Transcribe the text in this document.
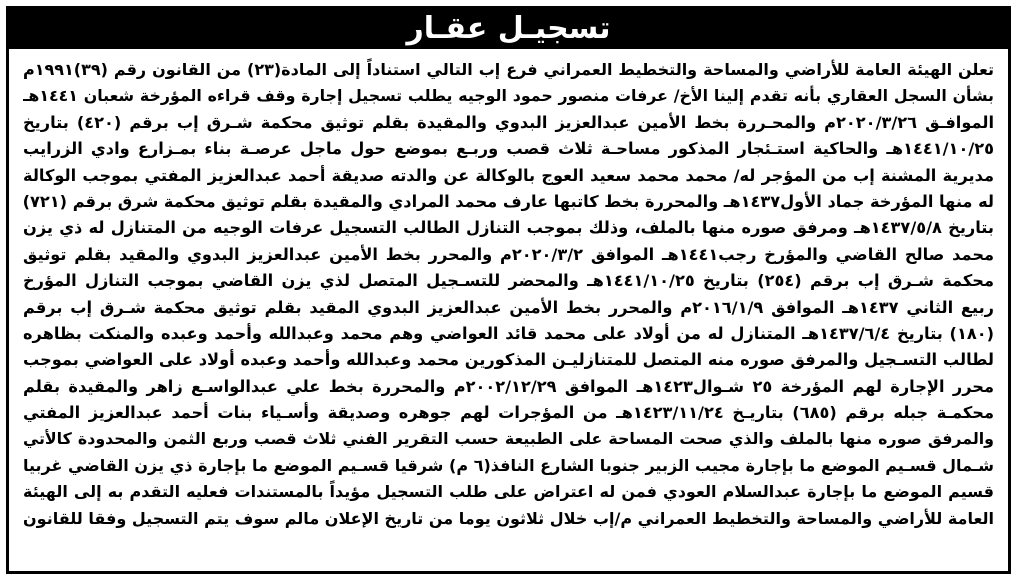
تسجيـل عقـار
تعلن الهيئة العامة للأراضي والمساحة والتخطيط العمراني فرع إب التالي استناداً إلى المادة(٢٣) من القانون رقم (٣٩)١٩٩١م
بشأن السجل العقاري بأنه تقدم إلينا الأخ/ عرفات منصور حمود الوجيه يطلب تسجيل إجارة وقف قراءه المؤرخة شعبان ١٤٤١هـ
الموافـق ٢٠٢٠/٣/٢٦م والمحـررة بخط الأمين عبدالعزيز البدوي والمقيدة بقلم توثيق محكمة شـرق إب برقم (٤٢٠) بتاريخ
١٤٤١/١٠/٢٥هـ والحاكية استـئجار المذكور مساحـة ثلاث قصب وربـع بموضع حول ماجل عرصـة بناء بمـزارع وادي الزرايب
مديرية المشنة إب من المؤجر له/ محمد محمد سعيد العوج بالوكالة عن والدته صديقة أحمد عبدالعزيز المفتي بموجب الوكالة
له منها المؤرخة جماد الأول١٤٣٧هـ والمحررة بخط كاتبها عارف محمد المرادي والمقيدة بقلم توثيق محكمة شرق برقم (٧٢١)
بتاريخ ١٤٣٧/٥/٨هـ ومرفق صوره منها بالملف، وذلك بموجب التنازل الطالب التسجيل عرفات الوجيه من المتنازل له ذي يزن
محمد صالح القاضي والمؤرخ رجب١٤٤١هـ الموافق ٢٠٢٠/٣/٢م والمحرر بخط الأمين عبدالعزيز البدوي والمقيد بقلم توثيق
محكمة شـرق إب برقم (٢٥٤) بتاريخ ١٤٤١/١٠/٢٥هـ والمحضر للتسـجيل المتصل لذي يزن القاضي بموجب التنازل المؤرخ
ربيع الثاني ١٤٣٧هـ الموافق ٢٠١٦/١/٩م والمحرر بخط الأمين عبدالعزيز البدوي المقيد بقلم توثيق محكمة شـرق إب برقم
(١٨٠) بتاريخ ١٤٣٧/٦/٤هـ المتنازل له من أولاد على محمد قائد العواضي وهم محمد وعبدالله وأحمد وعبده والمنكت بظاهره
لطالب التسـجيل والمرفق صوره منه المتصل للمتنازليـن المذكورين محمد وعبدالله وأحمد وعبده أولاد على العواضي بموجب
محرر الإجارة لهم المؤرخة ٢٥ شـوال١٤٢٣هـ الموافق ٢٠٠٢/١٢/٢٩م والمحررة بخط علي عبدالواسـع زاهر والمقيدة بقلم
محكمـة جبله برقم (٦٨٥) بتاريـخ ١٤٢٣/١١/٢٤هـ من المؤجرات لهم جوهره وصديقة وأسـياء بنات أحمد عبدالعزيز المفتي
والمرفق صوره منها بالملف والذي صحت المساحة على الطبيعة حسب التقرير الفني ثلاث قصب وربع الثمن والمحدودة كالأتي
شـمال قسـيم الموضع ما بإجارة مجيب الزبير جنوبا الشارع النافذ(٦ م) شرقيا قسـيم الموضع ما بإجارة ذي يزن القاضي غربيا
قسيم الموضع ما بإجارة عبدالسلام العودي فمن له اعتراض على طلب التسجيل مؤيداً بالمستندات فعليه التقدم به إلى الهيئة
العامة للأراضي والمساحة والتخطيط العمراني م/إب خلال ثلاثون يوما من تاريخ الإعلان مالم سوف يتم التسجيل وفقا للقانون
